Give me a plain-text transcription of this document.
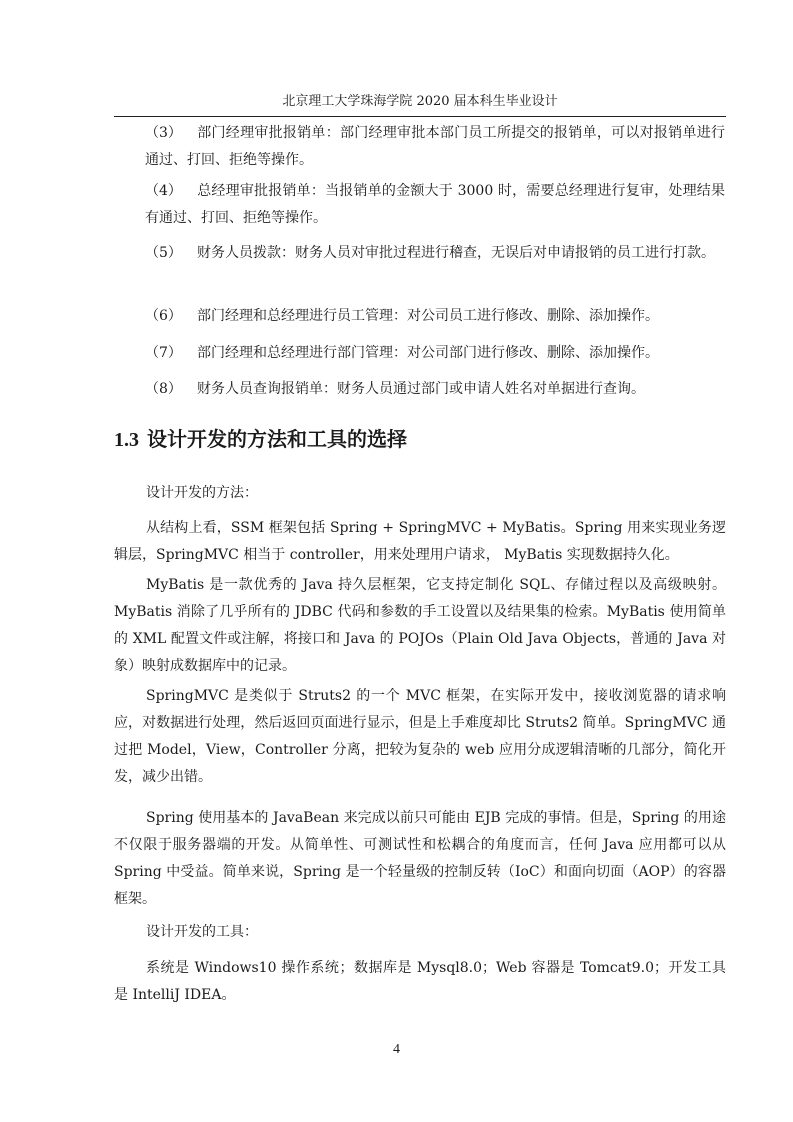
北京理工大学珠海学院 2020 届本科生毕业设计
（3） 部门经理审批报销单：部门经理审批本部门员工所提交的报销单，可以对报销单进行通过、打回、拒绝等操作。
（4） 总经理审批报销单：当报销单的金额大于 3000 时，需要总经理进行复审，处理结果有通过、打回、拒绝等操作。
（5） 财务人员拨款：财务人员对审批过程进行稽查，无误后对申请报销的员工进行打款。
（6） 部门经理和总经理进行员工管理：对公司员工进行修改、删除、添加操作。
（7） 部门经理和总经理进行部门管理：对公司部门进行修改、删除、添加操作。
（8） 财务人员查询报销单：财务人员通过部门或申请人姓名对单据进行查询。
1.3 设计开发的方法和工具的选择

设计开发的方法：

从结构上看，SSM 框架包括 Spring + SpringMVC + MyBatis。Spring 用来实现业务逻辑层，SpringMVC 相当于 controller，用来处理用户请求， MyBatis 实现数据持久化。

MyBatis 是一款优秀的 Java 持久层框架，它支持定制化 SQL、存储过程以及高级映射。MyBatis 消除了几乎所有的 JDBC 代码和参数的手工设置以及结果集的检索。MyBatis 使用简单的 XML 配置文件或注解，将接口和 Java 的 POJOs（Plain Old Java Objects，普通的 Java 对象）映射成数据库中的记录。

SpringMVC 是类似于 Struts2 的一个 MVC 框架，在实际开发中，接收浏览器的请求响应，对数据进行处理，然后返回页面进行显示，但是上手难度却比 Struts2 简单。SpringMVC 通过把 Model，View，Controller 分离，把较为复杂的 web 应用分成逻辑清晰的几部分，简化开发，减少出错。

Spring 使用基本的 JavaBean 来完成以前只可能由 EJB 完成的事情。但是，Spring 的用途不仅限于服务器端的开发。从简单性、可测试性和松耦合的角度而言，任何 Java 应用都可以从 Spring 中受益。简单来说，Spring 是一个轻量级的控制反转（IoC）和面向切面（AOP）的容器框架。

设计开发的工具：

系统是 Windows10 操作系统；数据库是 Mysql8.0；Web 容器是 Tomcat9.0；开发工具是 IntelliJ IDEA。

4
